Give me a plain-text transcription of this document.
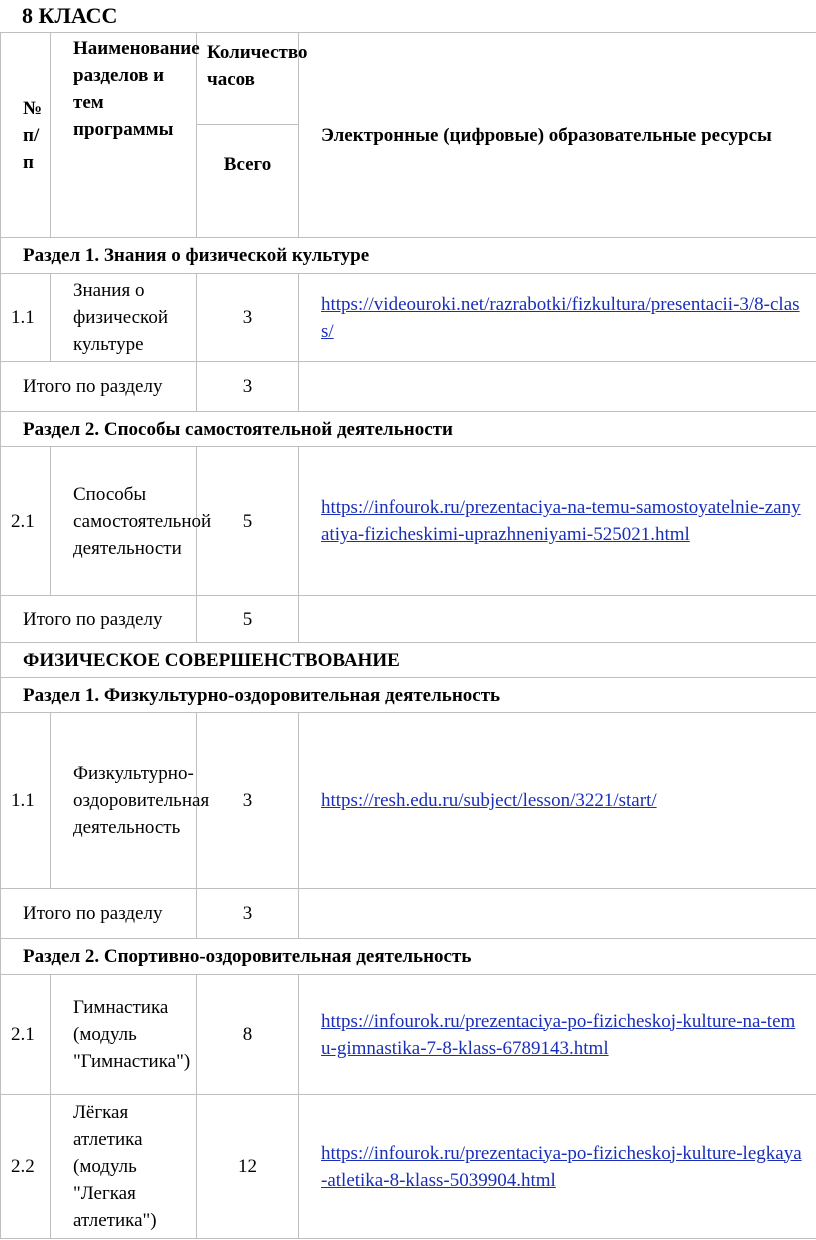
8 КЛАСС
№ п/п	Наименование разделов и тем программы	Количество часов	Электронные (цифровые) образовательные ресурсы
		Всего	
Раздел 1. Знания о физической культуре			
1.1	Знания о физической культуре	3	https://videouroki.net/razrabotki/fizkultura/presentacii-3/8-class/
Итого по разделу		3	
Раздел 2. Способы самостоятельной деятельности			
2.1	Способы самостоятельной деятельности	5	https://infourok.ru/prezentaciya-na-temu-samostoyatelnie-zanyatiya-fizicheskimi-uprazhneniyami-525021.html
Итого по разделу		5	
ФИЗИЧЕСКОЕ СОВЕРШЕНСТВОВАНИЕ			
Раздел 1. Физкультурно-оздоровительная деятельность			
1.1	Физкультурно-оздоровительная деятельность	3	https://resh.edu.ru/subject/lesson/3221/start/
Итого по разделу		3	
Раздел 2. Спортивно-оздоровительная деятельность			
2.1	Гимнастика (модуль "Гимнастика")	8	https://infourok.ru/prezentaciya-po-fizicheskoj-kulture-na-temu-gimnastika-7-8-klass-6789143.html
2.2	Лёгкая атлетика (модуль "Легкая атлетика")	12	https://infourok.ru/prezentaciya-po-fizicheskoj-kulture-legkaya-atletika-8-klass-5039904.html
